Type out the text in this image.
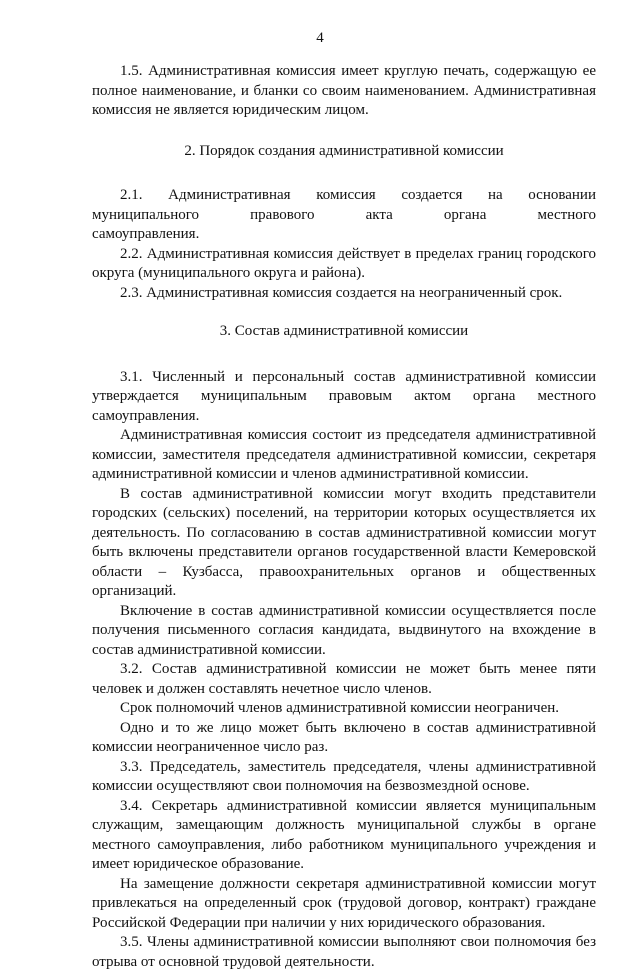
4

1.5. Административная комиссия имеет круглую печать, содержащую ее полное наименование, и бланки со своим наименованием. Административная комиссия не является юридическим лицом.

2. Порядок создания административной комиссии

2.1. Административная комиссия создается на основании муниципального правового акта органа местного самоуправления.

2.2. Административная комиссия действует в пределах границ городского округа (муниципального округа и района).

2.3. Административная комиссия создается на неограниченный срок.

3. Состав административной комиссии

3.1. Численный и персональный состав административной комиссии утверждается муниципальным правовым актом органа местного самоуправления.

Административная комиссия состоит из председателя административной комиссии, заместителя председателя административной комиссии, секретаря административной комиссии и членов административной комиссии.

В состав административной комиссии могут входить представители городских (сельских) поселений, на территории которых осуществляется их деятельность. По согласованию в состав административной комиссии могут быть включены представители органов государственной власти Кемеровской области – Кузбасса, правоохранительных органов и общественных организаций.

Включение в состав административной комиссии осуществляется после получения письменного согласия кандидата, выдвинутого на вхождение в состав административной комиссии.

3.2. Состав административной комиссии не может быть менее пяти человек и должен составлять нечетное число членов.

Срок полномочий членов административной комиссии неограничен.

Одно и то же лицо может быть включено в состав административной комиссии неограниченное число раз.

3.3. Председатель, заместитель председателя, члены административной комиссии осуществляют свои полномочия на безвозмездной основе.

3.4. Секретарь административной комиссии является муниципальным служащим, замещающим должность муниципальной службы в органе местного самоуправления, либо работником муниципального учреждения и имеет юридическое образование.

На замещение должности секретаря административной комиссии могут привлекаться на определенный срок (трудовой договор, контракт) граждане Российской Федерации при наличии у них юридического образования.

3.5. Члены административной комиссии выполняют свои полномочия без отрыва от основной трудовой деятельности.
